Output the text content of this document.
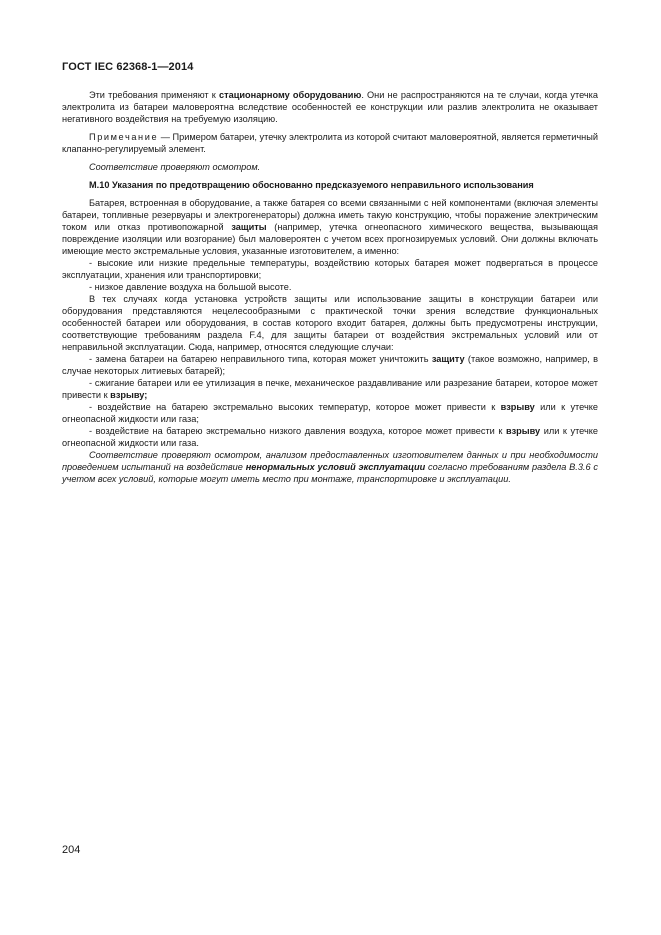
ГОСТ IEC 62368-1—2014

Эти требования применяют к стационарному оборудованию. Они не распространяются на те случаи, когда утечка электролита из батареи маловероятна вследствие особенностей ее конструкции или разлив электролита не оказывает негативного воздействия на требуемую изоляцию.

Примечание — Примером батареи, утечку электролита из которой считают маловероятной, является герметичный клапанно-регулируемый элемент.

Соответствие проверяют осмотром.

М.10 Указания по предотвращению обоснованно предсказуемого неправильного использования

Батарея, встроенная в оборудование, а также батарея со всеми связанными с ней компонентами (включая элементы батареи, топливные резервуары и электрогенераторы) должна иметь такую конструкцию, чтобы поражение электрическим током или отказ противопожарной защиты (например, утечка огнеопасного химического вещества, вызывающая повреждение изоляции или возгорание) был маловероятен с учетом всех прогнозируемых условий. Они должны включать имеющие место экстремальные условия, указанные изготовителем, а именно:

- высокие или низкие предельные температуры, воздействию которых батарея может подвергаться в процессе эксплуатации, хранения или транспортировки;

- низкое давление воздуха на большой высоте.

В тех случаях когда установка устройств защиты или использование защиты в конструкции батареи или оборудования представляются нецелесообразными с практической точки зрения вследствие функциональных особенностей батареи или оборудования, в состав которого входит батарея, должны быть предусмотрены инструкции, соответствующие требованиям раздела F.4, для защиты батареи от воздействия экстремальных условий или от неправильной эксплуатации. Сюда, например, относятся следующие случаи:

- замена батареи на батарею неправильного типа, которая может уничтожить защиту (такое возможно, например, в случае некоторых литиевых батарей);

- сжигание батареи или ее утилизация в печке, механическое раздавливание или разрезание батареи, которое может привести к взрыву;

- воздействие на батарею экстремально высоких температур, которое может привести к взрыву или к утечке огнеопасной жидкости или газа;

- воздействие на батарею экстремально низкого давления воздуха, которое может привести к взрыву или к утечке огнеопасной жидкости или газа.

Соответствие проверяют осмотром, анализом предоставленных изготовителем данных и при необходимости проведением испытаний на воздействие ненормальных условий эксплуатации согласно требованиям раздела В.3.6 с учетом всех условий, которые могут иметь место при монтаже, транспортировке и эксплуатации.

204
